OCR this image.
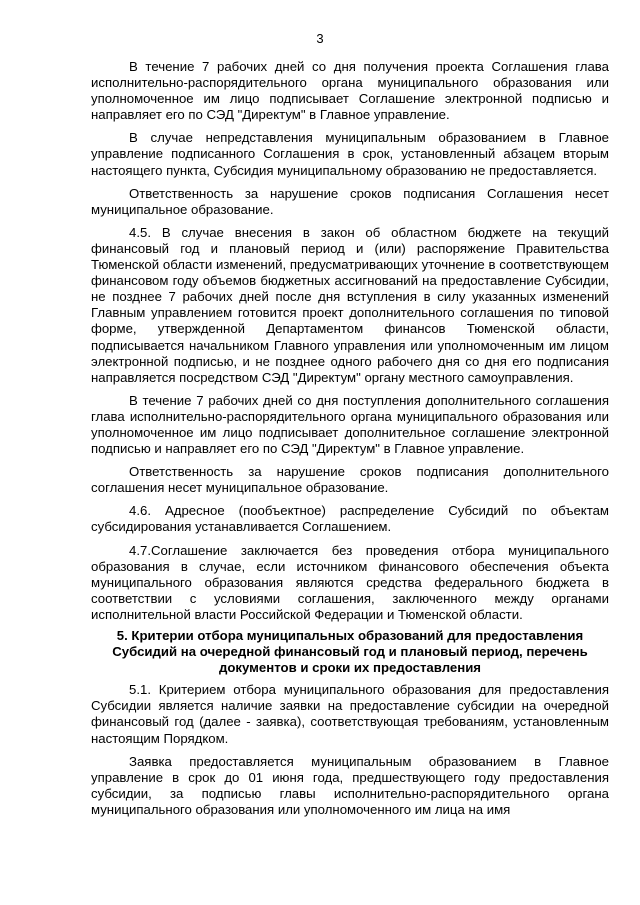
3

В течение 7 рабочих дней со дня получения проекта Соглашения глава исполнительно-распорядительного органа муниципального образования или уполномоченное им лицо подписывает Соглашение электронной подписью и направляет его по СЭД "Директум" в Главное управление.

В случае непредставления муниципальным образованием в Главное управление подписанного Соглашения в срок, установленный абзацем вторым настоящего пункта, Субсидия муниципальному образованию не предоставляется.

Ответственность за нарушение сроков подписания Соглашения несет муниципальное образование.

4.5. В случае внесения в закон об областном бюджете на текущий финансовый год и плановый период и (или) распоряжение Правительства Тюменской области изменений, предусматривающих уточнение в соответствующем финансовом году объемов бюджетных ассигнований на предоставление Субсидии, не позднее 7 рабочих дней после дня вступления в силу указанных изменений Главным управлением готовится проект дополнительного соглашения по типовой форме, утвержденной Департаментом финансов Тюменской области, подписывается начальником Главного управления или уполномоченным им лицом электронной подписью, и не позднее одного рабочего дня со дня его подписания направляется посредством СЭД "Директум" органу местного самоуправления.

В течение 7 рабочих дней со дня поступления дополнительного соглашения глава исполнительно-распорядительного органа муниципального образования или уполномоченное им лицо подписывает дополнительное соглашение электронной подписью и направляет его по СЭД "Директум" в Главное управление.

Ответственность за нарушение сроков подписания дополнительного соглашения несет муниципальное образование.

4.6. Адресное (пообъектное) распределение Субсидий по объектам субсидирования устанавливается Соглашением.

4.7.Соглашение заключается без проведения отбора муниципального образования в случае, если источником финансового обеспечения объекта муниципального образования являются средства федерального бюджета в соответствии с условиями соглашения, заключенного между органами исполнительной власти Российской Федерации и Тюменской области.

5. Критерии отбора муниципальных образований для предоставления Субсидий на очередной финансовый год и плановый период, перечень документов и сроки их предоставления

5.1. Критерием отбора муниципального образования для предоставления Субсидии является наличие заявки на предоставление субсидии на очередной финансовый год (далее - заявка), соответствующая требованиям, установленным настоящим Порядком.

Заявка предоставляется муниципальным образованием в Главное управление в срок до 01 июня года, предшествующего году предоставления субсидии, за подписью главы исполнительно-распорядительного органа муниципального образования или уполномоченного им лица на имя
